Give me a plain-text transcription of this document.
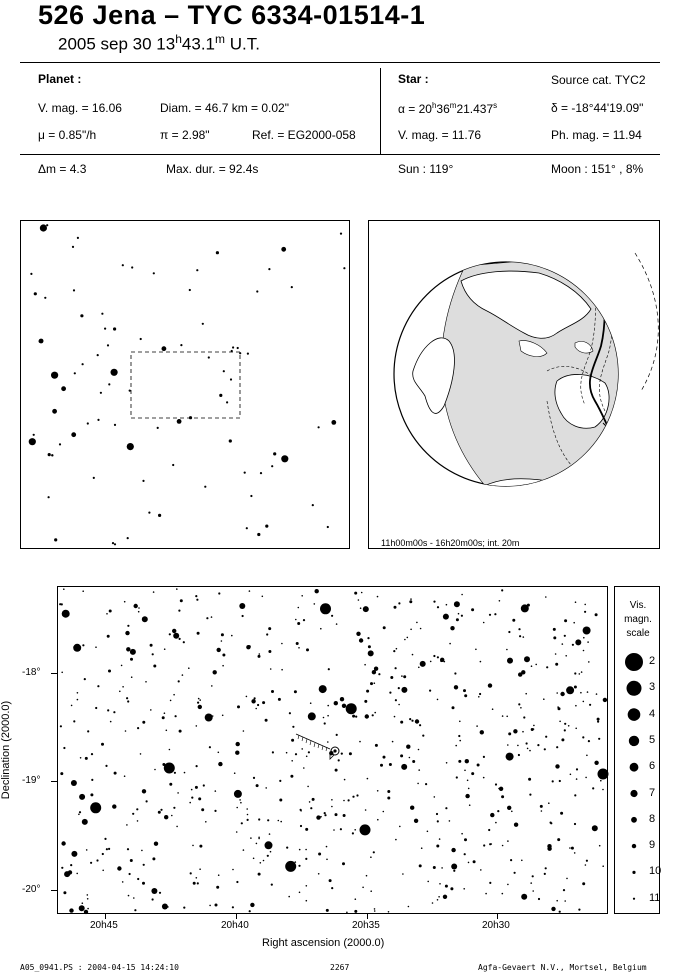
526 Jena – TYC 6334-01514-1
2005 sep 30 13$^h$43.1$^m$ U.T.
Planet :
V. mag. = 16.06	Diam. = 46.7 km = 0.02"
μ = 0.85"/h	π = 2.98"	Ref. = EG2000-058
Star :	Source cat. TYC2
$\alpha = 20^h36^m21.437^s$	δ = -18°44'19.09"
V. mag. = 11.76	Ph. mag. = 11.94
Δm = 4.3	Max. dur. = 92.4s	Sun : 119°	Moon : 151° , 8%
11h00m00s - 16h20m00s; int. 20m
-18°
-19°
-20°
20h45	20h40	20h35	20h30
Right ascension (2000.0)
Declination (2000.0)
Vis.
magn.
scale
2
3
4
5
6
7
8
9
10
11
A05_0941.PS : 2004-04-15 14:24:10	2267	Agfa-Gevaert N.V., Mortsel, Belgium
